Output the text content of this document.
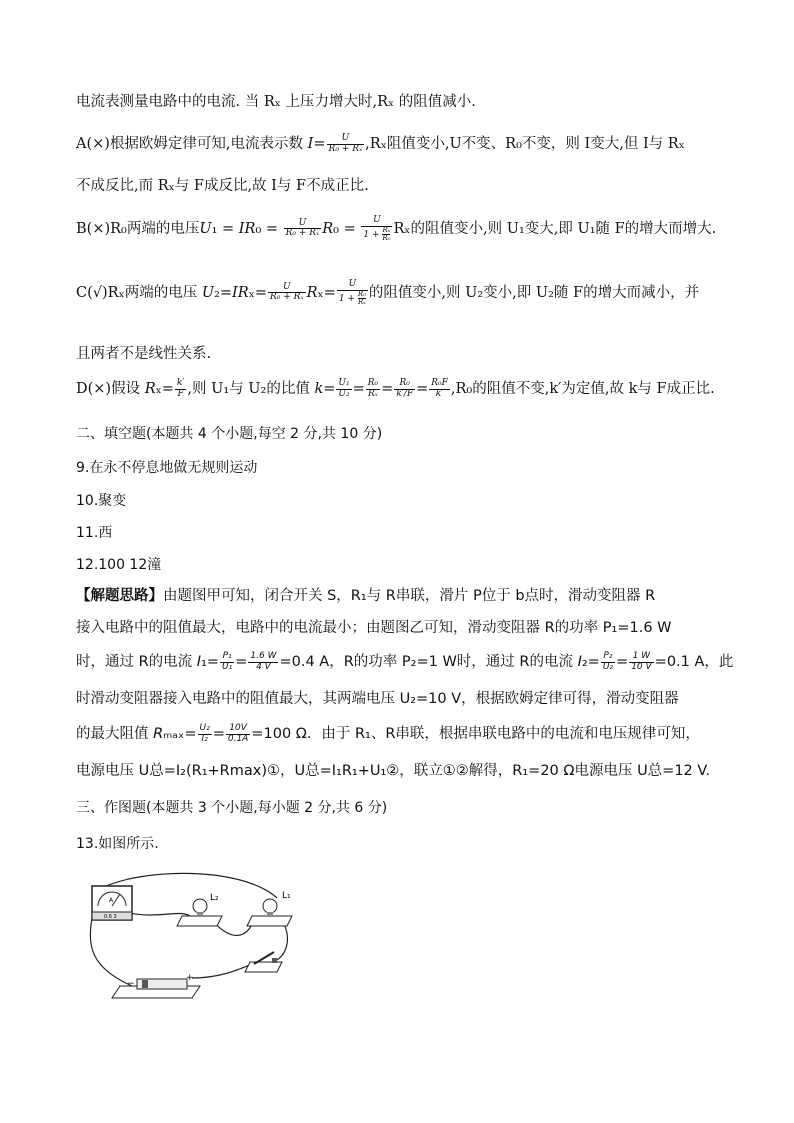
电流表测量电路中的电流. 当 Rₓ 上压力增大时,Rₓ 的阻值减小.
A(×)根据欧姆定律可知,电流表示数 $I= \frac{U}{\text{R₀ + Rₓ}} ,R_x$阻值变小,U不变、R₀不变，则 I变大,但 I与 Rₓ
不成反比,而 Rₓ与 F成反比,故 I与 F不成正比.
B(×)R₀两端的电压$U_1 = IR_0 = \frac{U}{\text{R₀ + Rₓ}} R_0 = \frac{U}{1 + \frac{\text{Rₓ}}{\text{R₀}}}$ Rₓ的阻值变小,则 U₁变大,即 U₁随 F的增大而增大.
C(√)Rₓ两端的电压 $U_2=IR_x= \frac{U}{\text{R₀ + Rₓ}} R_x= \frac{U}{1 + \frac{\text{R₀}}{\text{Rₓ}}}$ 的阻值变小,则 U₂变小,即 U₂随 F的增大而减小，并
且两者不是线性关系.
D(×)假设 $R_x= \frac{k'}{F}$ ,则 U₁与 U₂的比值 $k= \frac{\text{U₁}}{\text{U₂}} = \frac{\text{R₀}}{\text{Rₓ}} = \frac{\text{R₀}}{k'/F} = \frac{\text{R₀F}}{k'} ,R_0$的阻值不变,k′为定值,故 k与 F成正比.
二、填空题(本题共 4 个小题,每空 2 分,共 10 分)
9.在永不停息地做无规则运动
10.聚变
11.西
12.100 12潼
【解题思路】由题图甲可知，闭合开关 S，R₁与 R串联，滑片 P位于 b点时，滑动变阻器 R
接入电路中的阻值最大，电路中的电流最小；由题图乙可知，滑动变阻器 R的功率 P₁=1.6 W
时，通过 R的电流 $I_1= \frac{\text{P₁}}{\text{U₁}} = \frac{1.6 W}{4 V} =0.4$ A，R的功率 P₂=1 W时，通过 R的电流 $I_2= \frac{\text{P₂}}{\text{U₂}} = \frac{1 W}{10 V} =0.1$ A，此
时滑动变阻器接入电路中的阻值最大，其两端电压 U₂=10 V，根据欧姆定律可得，滑动变阻器
的最大阻值 $R_{max}= \frac{\text{U₂}}{\text{I₂}} = \frac{10V}{0.1A} =100$ Ω．由于 R₁、R串联，根据串联电路中的电流和电压规律可知，
电源电压 U总=I₂(R₁+Rmax)①，U总=I₁R₁+U₁②，联立①②解得，R₁=20 Ω电源电压 U总=12 V.
三、作图题(本题共 3 个小题,每小题 2 分,共 6 分)
13.如图所示.
A
0.6 3
L₂	L₁
−
+
